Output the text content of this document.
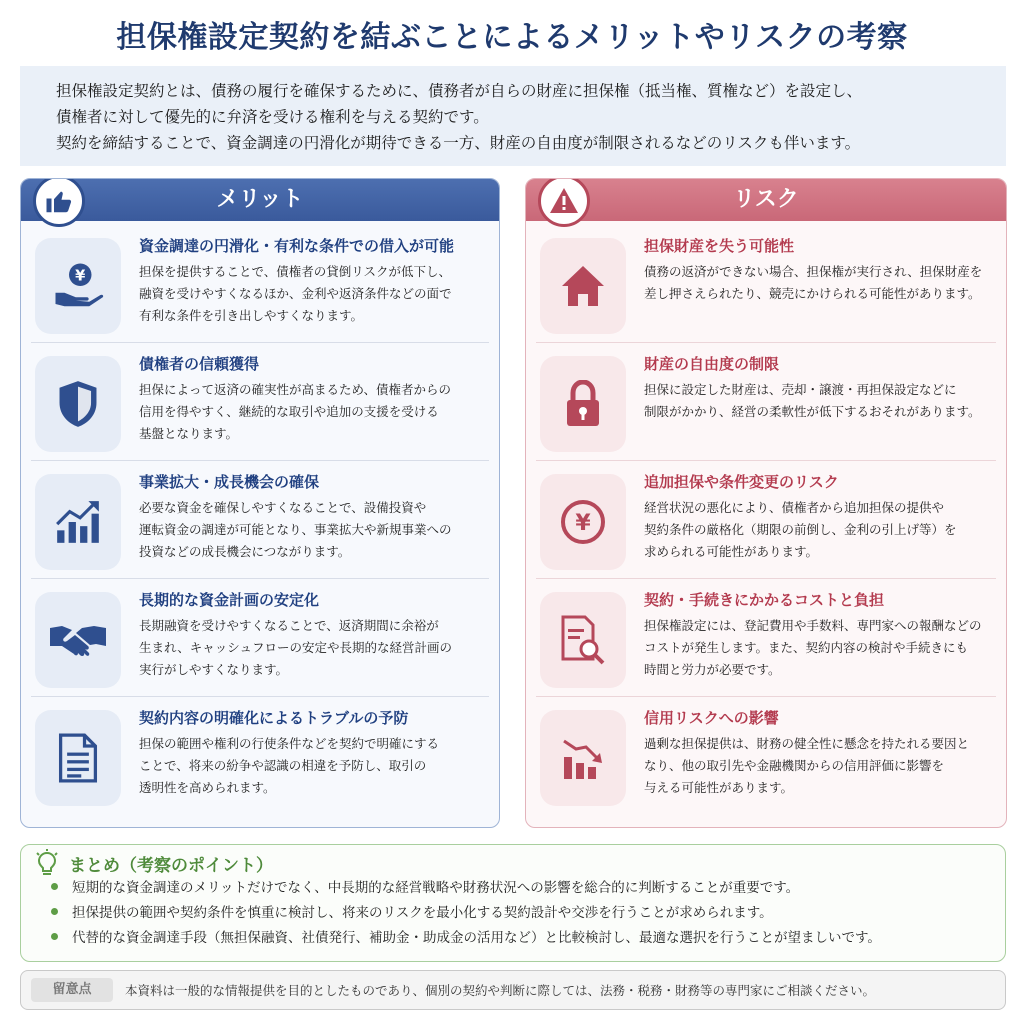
担保権設定契約を結ぶことによるメリットやリスクの考察
担保権設定契約とは、債務の履行を確保するために、債務者が自らの財産に担保権（抵当権、質権など）を設定し、
債権者に対して優先的に弁済を受ける権利を与える契約です。
契約を締結することで、資金調達の円滑化が期待できる一方、財産の自由度が制限されるなどのリスクも伴います。
メリット
¥
資金調達の円滑化・有利な条件での借入が可能
担保を提供することで、債権者の貸倒リスクが低下し、
融資を受けやすくなるほか、金利や返済条件などの面で
有利な条件を引き出しやすくなります。
債権者の信頼獲得
担保によって返済の確実性が高まるため、債権者からの
信用を得やすく、継続的な取引や追加の支援を受ける
基盤となります。
事業拡大・成長機会の確保
必要な資金を確保しやすくなることで、設備投資や
運転資金の調達が可能となり、事業拡大や新規事業への
投資などの成長機会につながります。
長期的な資金計画の安定化
長期融資を受けやすくなることで、返済期間に余裕が
生まれ、キャッシュフローの安定や長期的な経営計画の
実行がしやすくなります。
契約内容の明確化によるトラブルの予防
担保の範囲や権利の行使条件などを契約で明確にする
ことで、将来の紛争や認識の相違を予防し、取引の
透明性を高められます。
リスク
担保財産を失う可能性
債務の返済ができない場合、担保権が実行され、担保財産を
差し押さえられたり、競売にかけられる可能性があります。
財産の自由度の制限
担保に設定した財産は、売却・譲渡・再担保設定などに
制限がかかり、経営の柔軟性が低下するおそれがあります。
¥
追加担保や条件変更のリスク
経営状況の悪化により、債権者から追加担保の提供や
契約条件の厳格化（期限の前倒し、金利の引上げ等）を
求められる可能性があります。
契約・手続きにかかるコストと負担
担保権設定には、登記費用や手数料、専門家への報酬などの
コストが発生します。また、契約内容の検討や手続きにも
時間と労力が必要です。
信用リスクへの影響
過剰な担保提供は、財務の健全性に懸念を持たれる要因と
なり、他の取引先や金融機関からの信用評価に影響を
与える可能性があります。
まとめ（考察のポイント）
短期的な資金調達のメリットだけでなく、中長期的な経営戦略や財務状況への影響を総合的に判断することが重要です。
担保提供の範囲や契約条件を慎重に検討し、将来のリスクを最小化する契約設計や交渉を行うことが求められます。
代替的な資金調達手段（無担保融資、社債発行、補助金・助成金の活用など）と比較検討し、最適な選択を行うことが望ましいです。
留意点	本資料は一般的な情報提供を目的としたものであり、個別の契約や判断に際しては、法務・税務・財務等の専門家にご相談ください。
